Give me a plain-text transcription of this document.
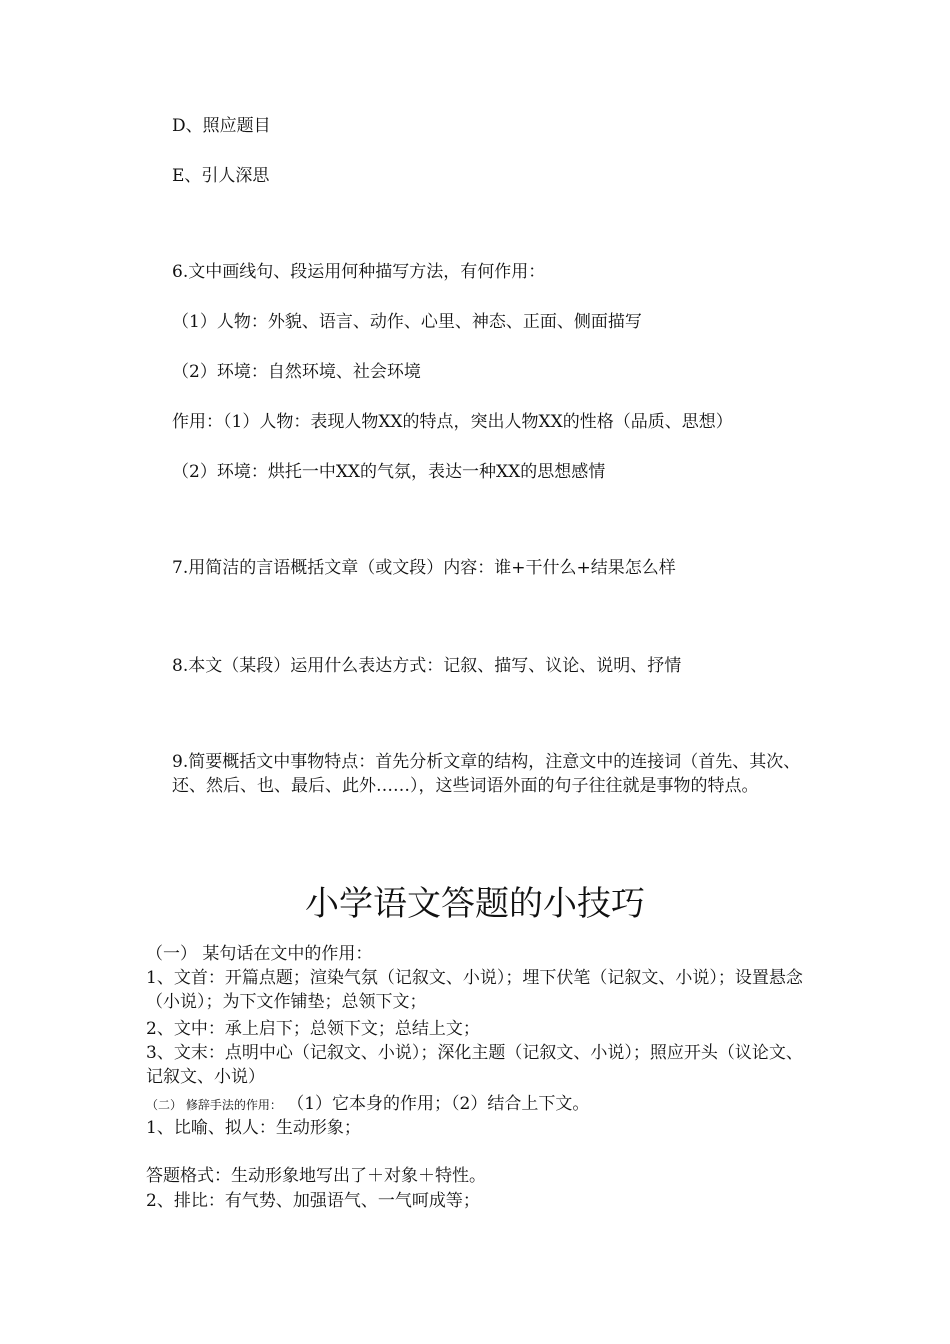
D、照应题目
E、引人深思
6.文中画线句、段运用何种描写方法，有何作用：
（1）人物：外貌、语言、动作、心里、神态、正面、侧面描写
（2）环境：自然环境、社会环境
作用：（1）人物：表现人物XX的特点，突出人物XX的性格（品质、思想）
（2）环境：烘托一中XX的气氛，表达一种XX的思想感情
7.用简洁的言语概括文章（或文段）内容：谁+干什么+结果怎么样
8.本文（某段）运用什么表达方式：记叙、描写、议论、说明、抒情
9.简要概括文中事物特点：首先分析文章的结构，注意文中的连接词（首先、其次、还、然后、也、最后、此外……），这些词语外面的句子往往就是事物的特点。
小学语文答题的小技巧
（一） 某句话在文中的作用：
1、文首：开篇点题；渲染气氛（记叙文、小说）；埋下伏笔（记叙文、小说）；设置悬念（小说）；为下文作铺垫；总领下文；
2、文中：承上启下；总领下文；总结上文；
3、文末：点明中心（记叙文、小说）；深化主题（记叙文、小说）；照应开头（议论文、记叙文、小说）
（二） 修辞手法的作用： （1）它本身的作用；（2）结合上下文。
1、比喻、拟人：生动形象；
答题格式：生动形象地写出了＋对象＋特性。
2、排比：有气势、加强语气、一气呵成等；
